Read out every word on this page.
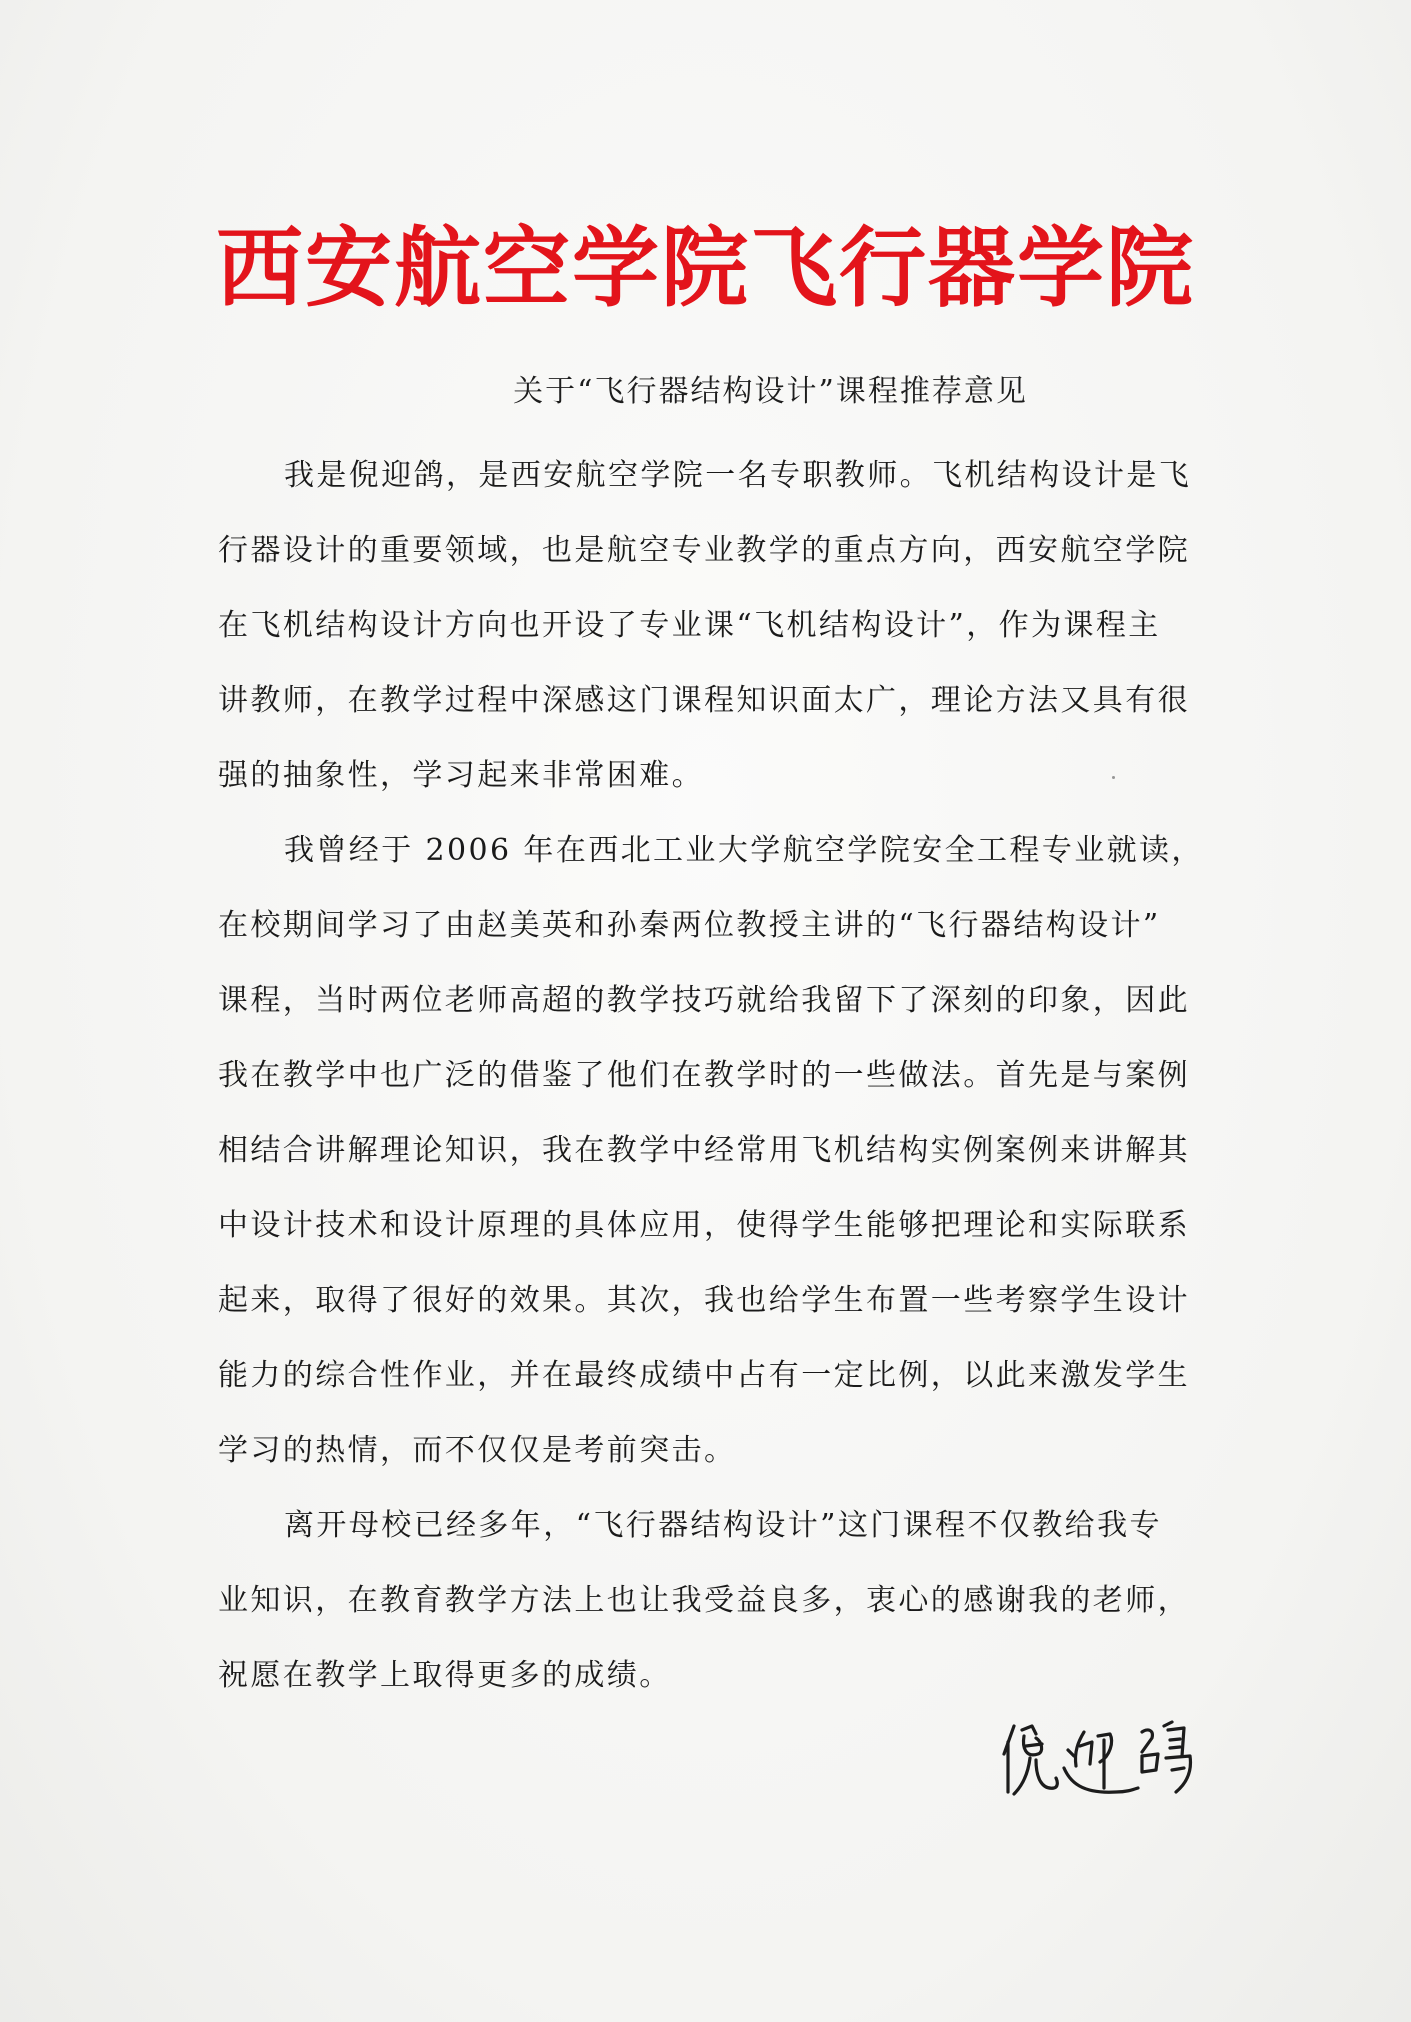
西安航空学院飞行器学院
关于“飞行器结构设计”课程推荐意见
我是倪迎鸽，是西安航空学院一名专职教师。飞机结构设计是飞
行器设计的重要领域，也是航空专业教学的重点方向，西安航空学院
在飞机结构设计方向也开设了专业课“飞机结构设计”，作为课程主
讲教师，在教学过程中深感这门课程知识面太广，理论方法又具有很
强的抽象性，学习起来非常困难。
我曾经于 2006 年在西北工业大学航空学院安全工程专业就读，
在校期间学习了由赵美英和孙秦两位教授主讲的“飞行器结构设计”
课程，当时两位老师高超的教学技巧就给我留下了深刻的印象，因此
我在教学中也广泛的借鉴了他们在教学时的一些做法。首先是与案例
相结合讲解理论知识，我在教学中经常用飞机结构实例案例来讲解其
中设计技术和设计原理的具体应用，使得学生能够把理论和实际联系
起来，取得了很好的效果。其次，我也给学生布置一些考察学生设计
能力的综合性作业，并在最终成绩中占有一定比例，以此来激发学生
学习的热情，而不仅仅是考前突击。
离开母校已经多年，“飞行器结构设计”这门课程不仅教给我专
业知识，在教育教学方法上也让我受益良多，衷心的感谢我的老师，
祝愿在教学上取得更多的成绩。
